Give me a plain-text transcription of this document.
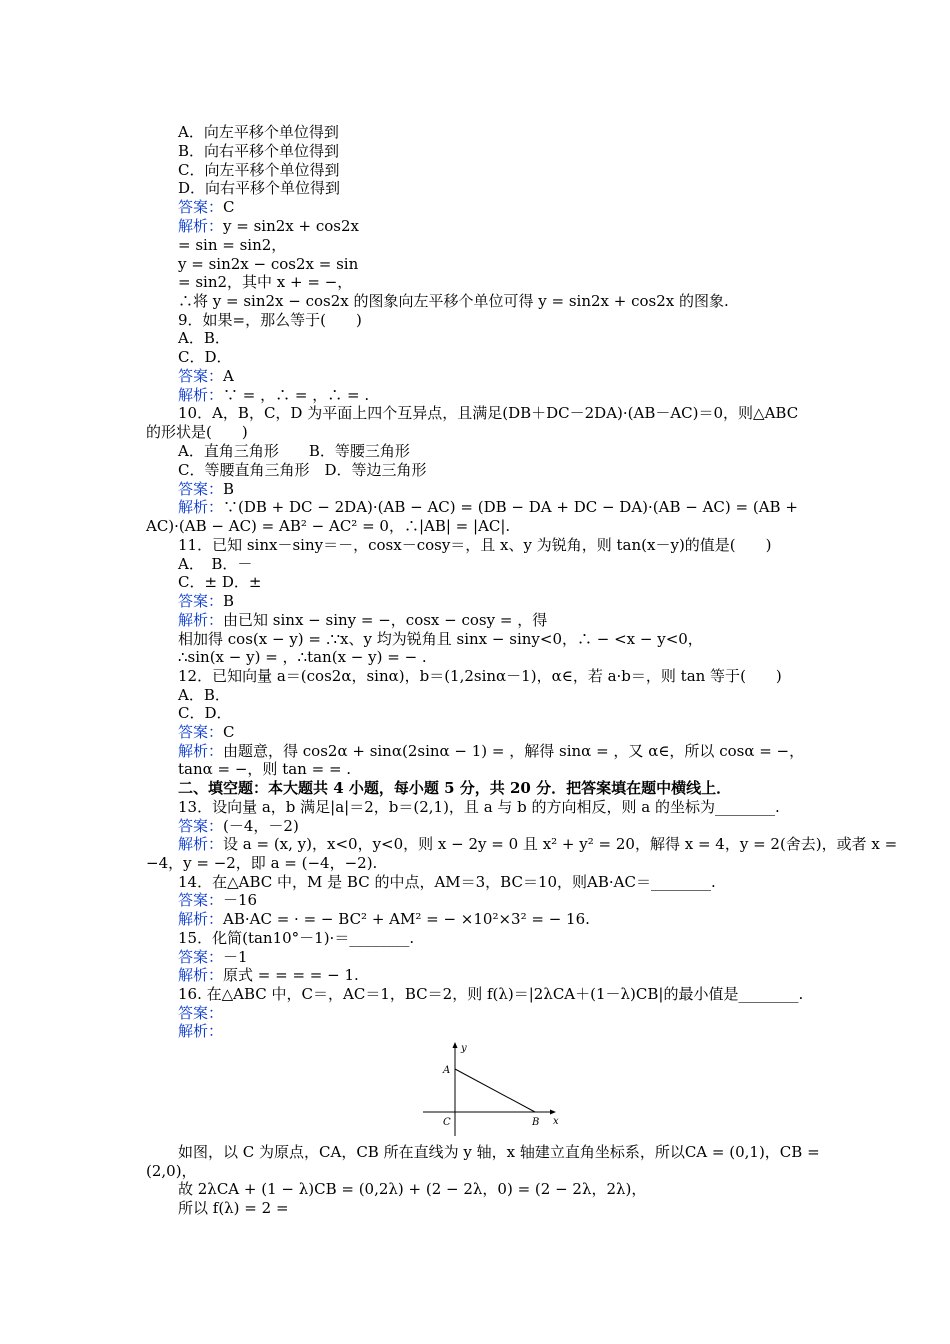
A．向左平移个单位得到
B．向右平移个单位得到
C．向左平移个单位得到
D．向右平移个单位得到
答案：C
解析：y = sin2x + cos2x
= sin = sin2，
y = sin2x − cos2x = sin
= sin2，其中 x + = −，
∴将 y = sin2x − cos2x 的图象向左平移个单位可得 y = sin2x + cos2x 的图象.
9．如果=，那么等于(　　)
A．B．
C．D．
答案：A
解析：∵ = ，∴ = ，∴ = .
10．A，B，C，D 为平面上四个互异点，且满足(DB＋DC－2DA)·(AB－AC)＝0，则△ABC
的形状是(　　)
A．直角三角形　　B．等腰三角形
C．等腰直角三角形　D．等边三角形
答案：B
解析：∵(DB + DC − 2DA)·(AB − AC) = (DB − DA + DC − DA)·(AB − AC) = (AB +
AC)·(AB − AC) = AB² − AC² = 0，∴|AB| = |AC|.
11．已知 sinx－siny＝－，cosx－cosy＝，且 x、y 为锐角，则 tan(x－y)的值是(　　)
A．　B．－
C．± D．±
答案：B
解析：由已知 sinx − siny = −，cosx − cosy = ，得
相加得 cos(x − y) = .∵x、y 均为锐角且 sinx − siny<0，∴ − <x − y<0，
∴sin(x − y) = ，∴tan(x − y) = − .
12．已知向量 a＝(cos2α，sinα)，b＝(1,2sinα－1)，α∈，若 a·b＝，则 tan 等于(　　)
A．B．
C．D．
答案：C
解析：由题意，得 cos2α + sinα(2sinα − 1) = ，解得 sinα = ，又 α∈，所以 cosα = −，
tanα = −，则 tan = = .
二、填空题：本大题共 4 小题，每小题 5 分，共 20 分．把答案填在题中横线上．
13．设向量 a，b 满足|a|＝2，b＝(2,1)，且 a 与 b 的方向相反，则 a 的坐标为________.
答案：(－4，－2)
解析：设 a = (x, y)，x<0，y<0，则 x − 2y = 0 且 x² + y² = 20，解得 x = 4，y = 2(舍去)，或者 x =
−4，y = −2，即 a = (−4，−2).
14．在△ABC 中，M 是 BC 的中点，AM＝3，BC＝10，则AB·AC＝________.
答案：－16
解析：AB·AC = · = − BC² + AM² = − ×10²×3² = − 16.
15．化简(tan10°－1)·＝________.
答案：－1
解析：原式 = = = = − 1.
16. 在△ABC 中，C＝，AC＝1，BC＝2，则 f(λ)＝|2λCA＋(1－λ)CB|的最小值是________.
答案：
解析：
y
x
A
B
C
如图，以 C 为原点，CA，CB 所在直线为 y 轴，x 轴建立直角坐标系，所以CA = (0,1)，CB =
(2,0)，
故 2λCA + (1 − λ)CB = (0,2λ) + (2 − 2λ，0) = (2 − 2λ，2λ)，
所以 f(λ) = 2 =
